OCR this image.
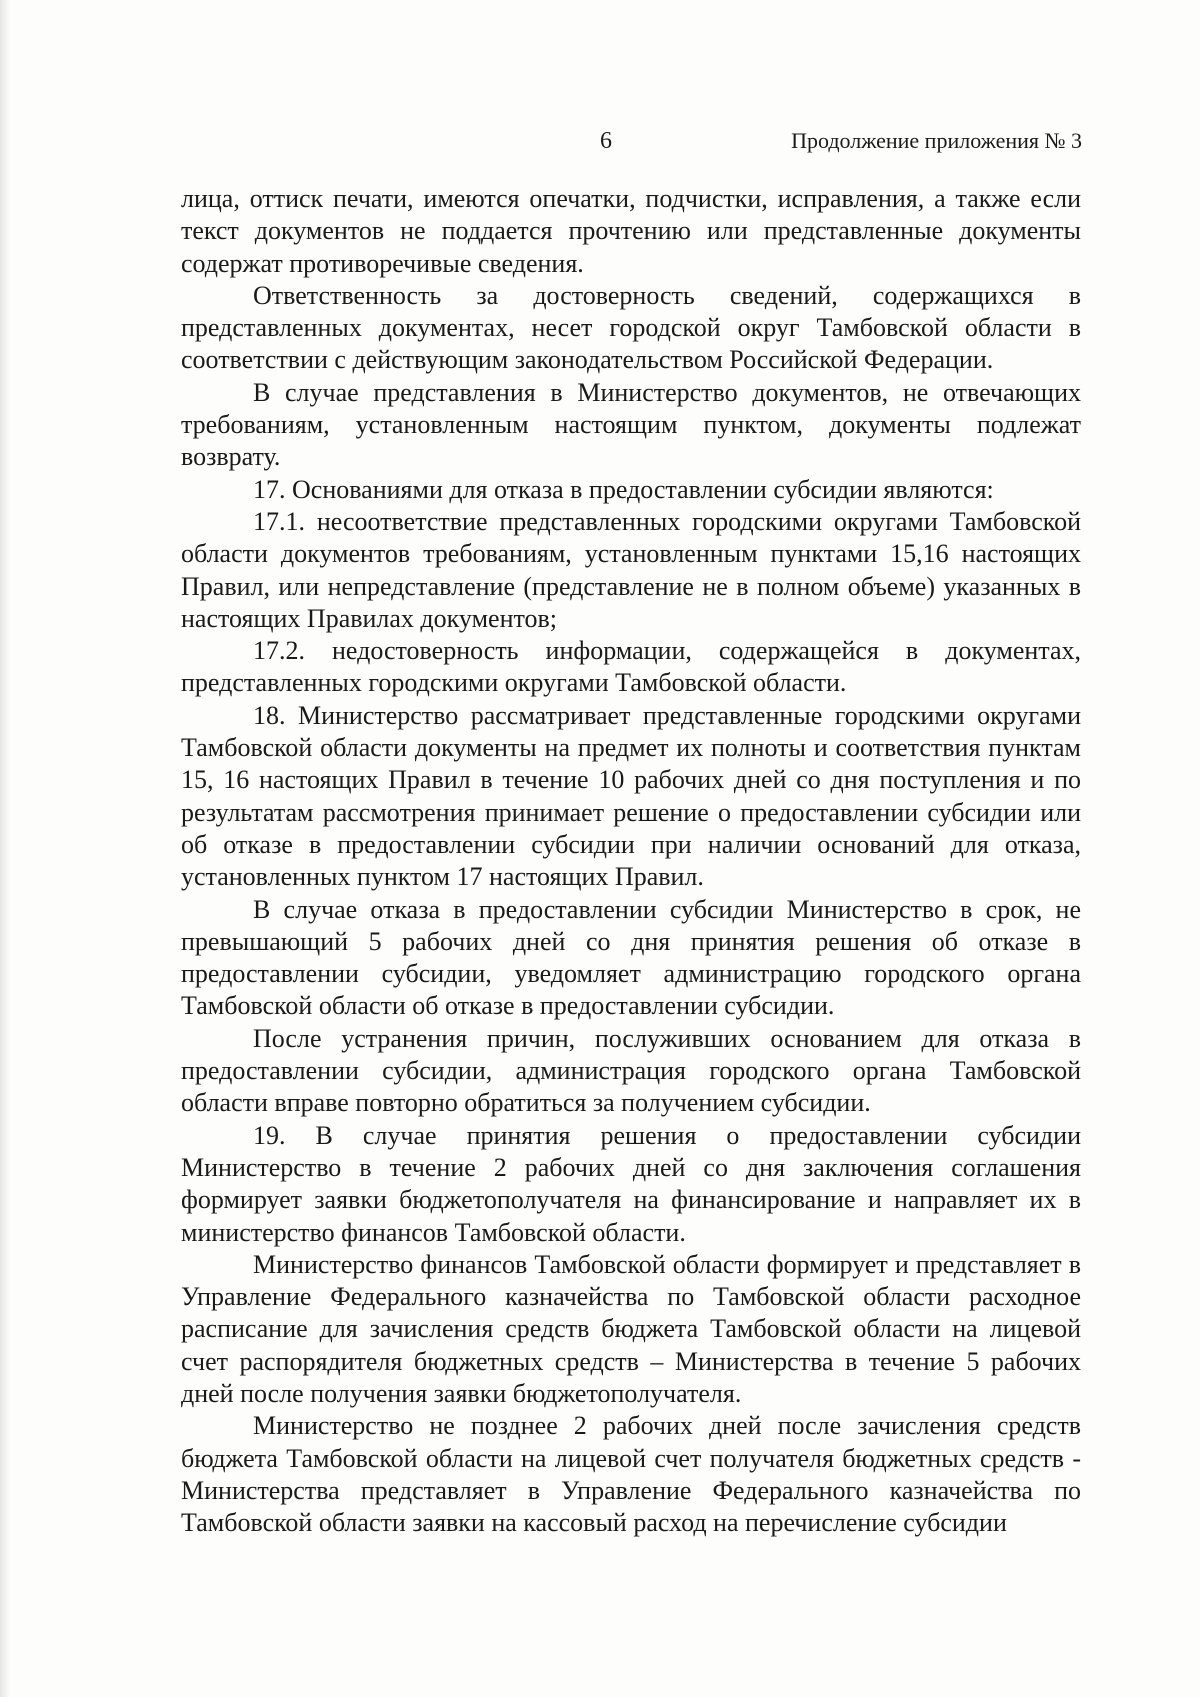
6	Продолжение приложения № 3

лица, оттиск печати, имеются опечатки, подчистки, исправления, а также если текст документов не поддается прочтению или представленные документы содержат противоречивые сведения.

Ответственность за достоверность сведений, содержащихся в представленных документах, несет городской округ Тамбовской области в соответствии с действующим законодательством Российской Федерации.

В случае представления в Министерство документов, не отвечающих требованиям, установленным настоящим пунктом, документы подлежат возврату.

17. Основаниями для отказа в предоставлении субсидии являются:

17.1. несоответствие представленных городскими округами Тамбовской области документов требованиям, установленным пунктами 15,16 настоящих Правил, или непредставление (представление не в полном объеме) указанных в настоящих Правилах документов;

17.2. недостоверность информации, содержащейся в документах, представленных городскими округами Тамбовской области.

18. Министерство рассматривает представленные городскими округами Тамбовской области документы на предмет их полноты и соответствия пунктам 15, 16 настоящих Правил в течение 10 рабочих дней со дня поступления и по результатам рассмотрения принимает решение о предоставлении субсидии или об отказе в предоставлении субсидии при наличии оснований для отказа, установленных пунктом 17 настоящих Правил.

В случае отказа в предоставлении субсидии Министерство в срок, не превышающий 5 рабочих дней со дня принятия решения об отказе в предоставлении субсидии, уведомляет администрацию городского органа Тамбовской области об отказе в предоставлении субсидии.

После устранения причин, послуживших основанием для отказа в предоставлении субсидии, администрация городского органа Тамбовской области вправе повторно обратиться за получением субсидии.

19. В случае принятия решения о предоставлении субсидии Министерство в течение 2 рабочих дней со дня заключения соглашения формирует заявки бюджетополучателя на финансирование и направляет их в министерство финансов Тамбовской области.

Министерство финансов Тамбовской области формирует и представляет в Управление Федерального казначейства по Тамбовской области расходное расписание для зачисления средств бюджета Тамбовской области на лицевой счет распорядителя бюджетных средств – Министерства в течение 5 рабочих дней после получения заявки бюджетополучателя.

Министерство не позднее 2 рабочих дней после зачисления средств бюджета Тамбовской области на лицевой счет получателя бюджетных средств - Министерства представляет в Управление Федерального казначейства по Тамбовской области заявки на кассовый расход на перечисление субсидии
